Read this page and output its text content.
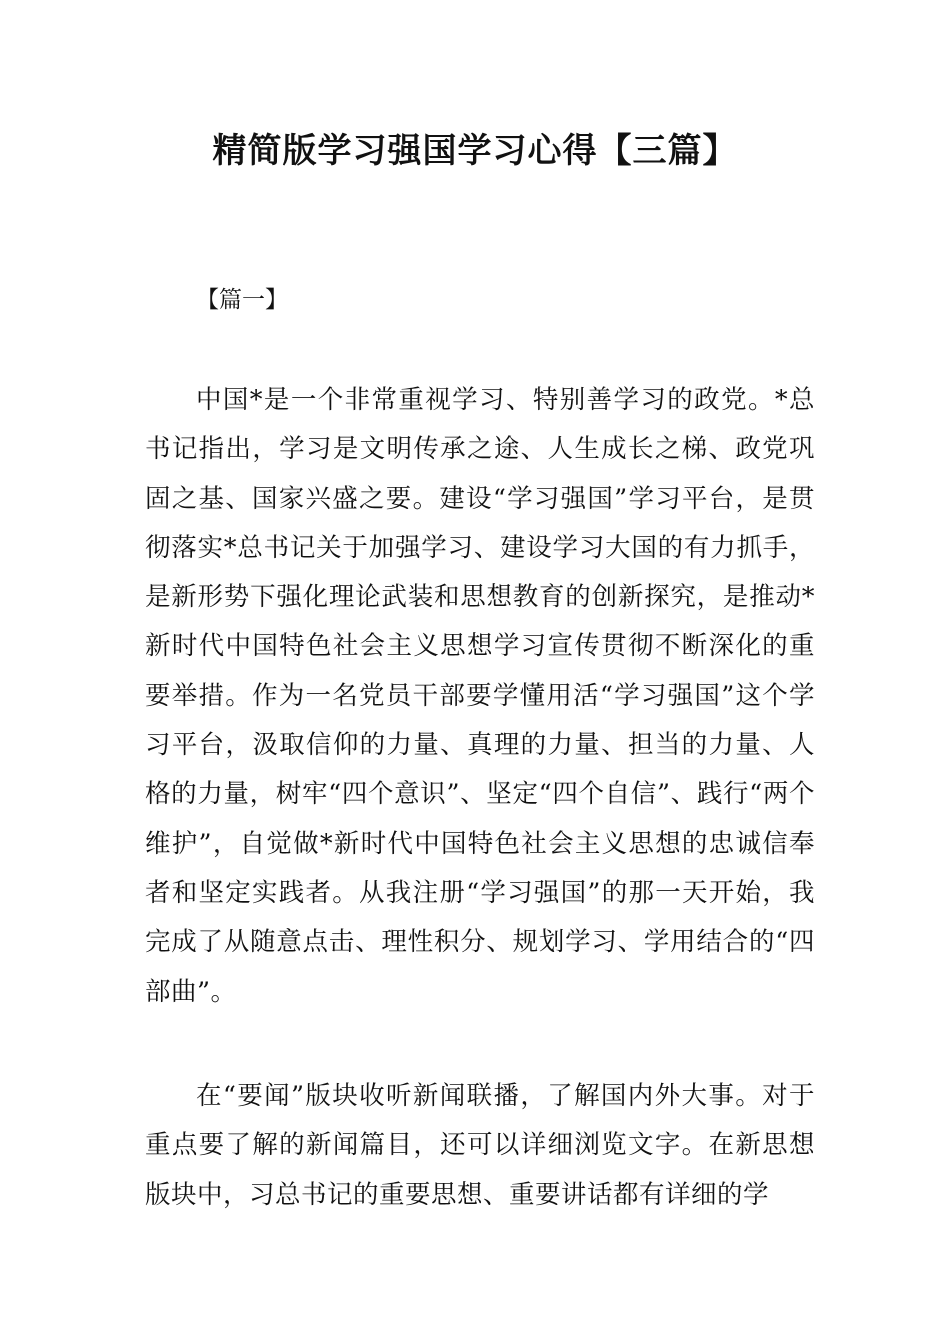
精简版学习强国学习心得【三篇】
【篇一】

中国*是一个非常重视学习、特别善学习的政党。*总书记指出，学习是文明传承之途、人生成长之梯、政党巩固之基、国家兴盛之要。建设“学习强国”学习平台，是贯彻落实*总书记关于加强学习、建设学习大国的有力抓手，是新形势下强化理论武装和思想教育的创新探究，是推动*新时代中国特色社会主义思想学习宣传贯彻不断深化的重要举措。作为一名党员干部要学懂用活“学习强国”这个学习平台，汲取信仰的力量、真理的力量、担当的力量、人格的力量，树牢“四个意识”、坚定“四个自信”、践行“两个维护”，自觉做*新时代中国特色社会主义思想的忠诚信奉者和坚定实践者。从我注册“学习强国”的那一天开始，我完成了从随意点击、理性积分、规划学习、学用结合的“四部曲”。

在“要闻”版块收听新闻联播，了解国内外大事。对于重点要了解的新闻篇目，还可以详细浏览文字。在新思想版块中，习总书记的重要思想、重要讲话都有详细的学
